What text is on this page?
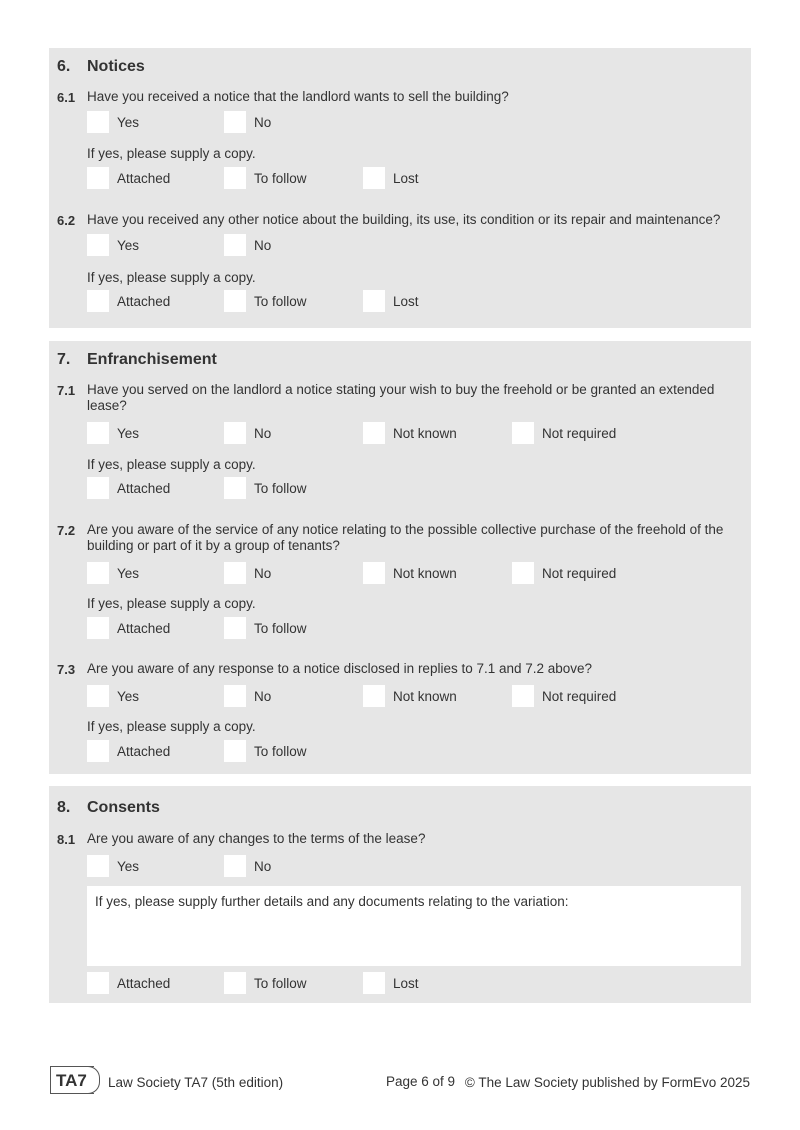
6. Notices
6.1 Have you received a notice that the landlord wants to sell the building?
Yes	No
If yes, please supply a copy.
Attached	To follow	Lost
6.2 Have you received any other notice about the building, its use, its condition or its repair and maintenance?
Yes	No
If yes, please supply a copy.
Attached	To follow	Lost
7. Enfranchisement
7.1 Have you served on the landlord a notice stating your wish to buy the freehold or be granted an extended lease?
Yes	No	Not known	Not required
If yes, please supply a copy.
Attached	To follow
7.2 Are you aware of the service of any notice relating to the possible collective purchase of the freehold of the building or part of it by a group of tenants?
Yes	No	Not known	Not required
If yes, please supply a copy.
Attached	To follow
7.3 Are you aware of any response to a notice disclosed in replies to 7.1 and 7.2 above?
Yes	No	Not known	Not required
If yes, please supply a copy.
Attached	To follow
8. Consents
8.1 Are you aware of any changes to the terms of the lease?
Yes	No
If yes, please supply further details and any documents relating to the variation:
Attached	To follow	Lost
TA7	Law Society TA7 (5th edition)	Page 6 of 9 © The Law Society published by FormEvo 2025
